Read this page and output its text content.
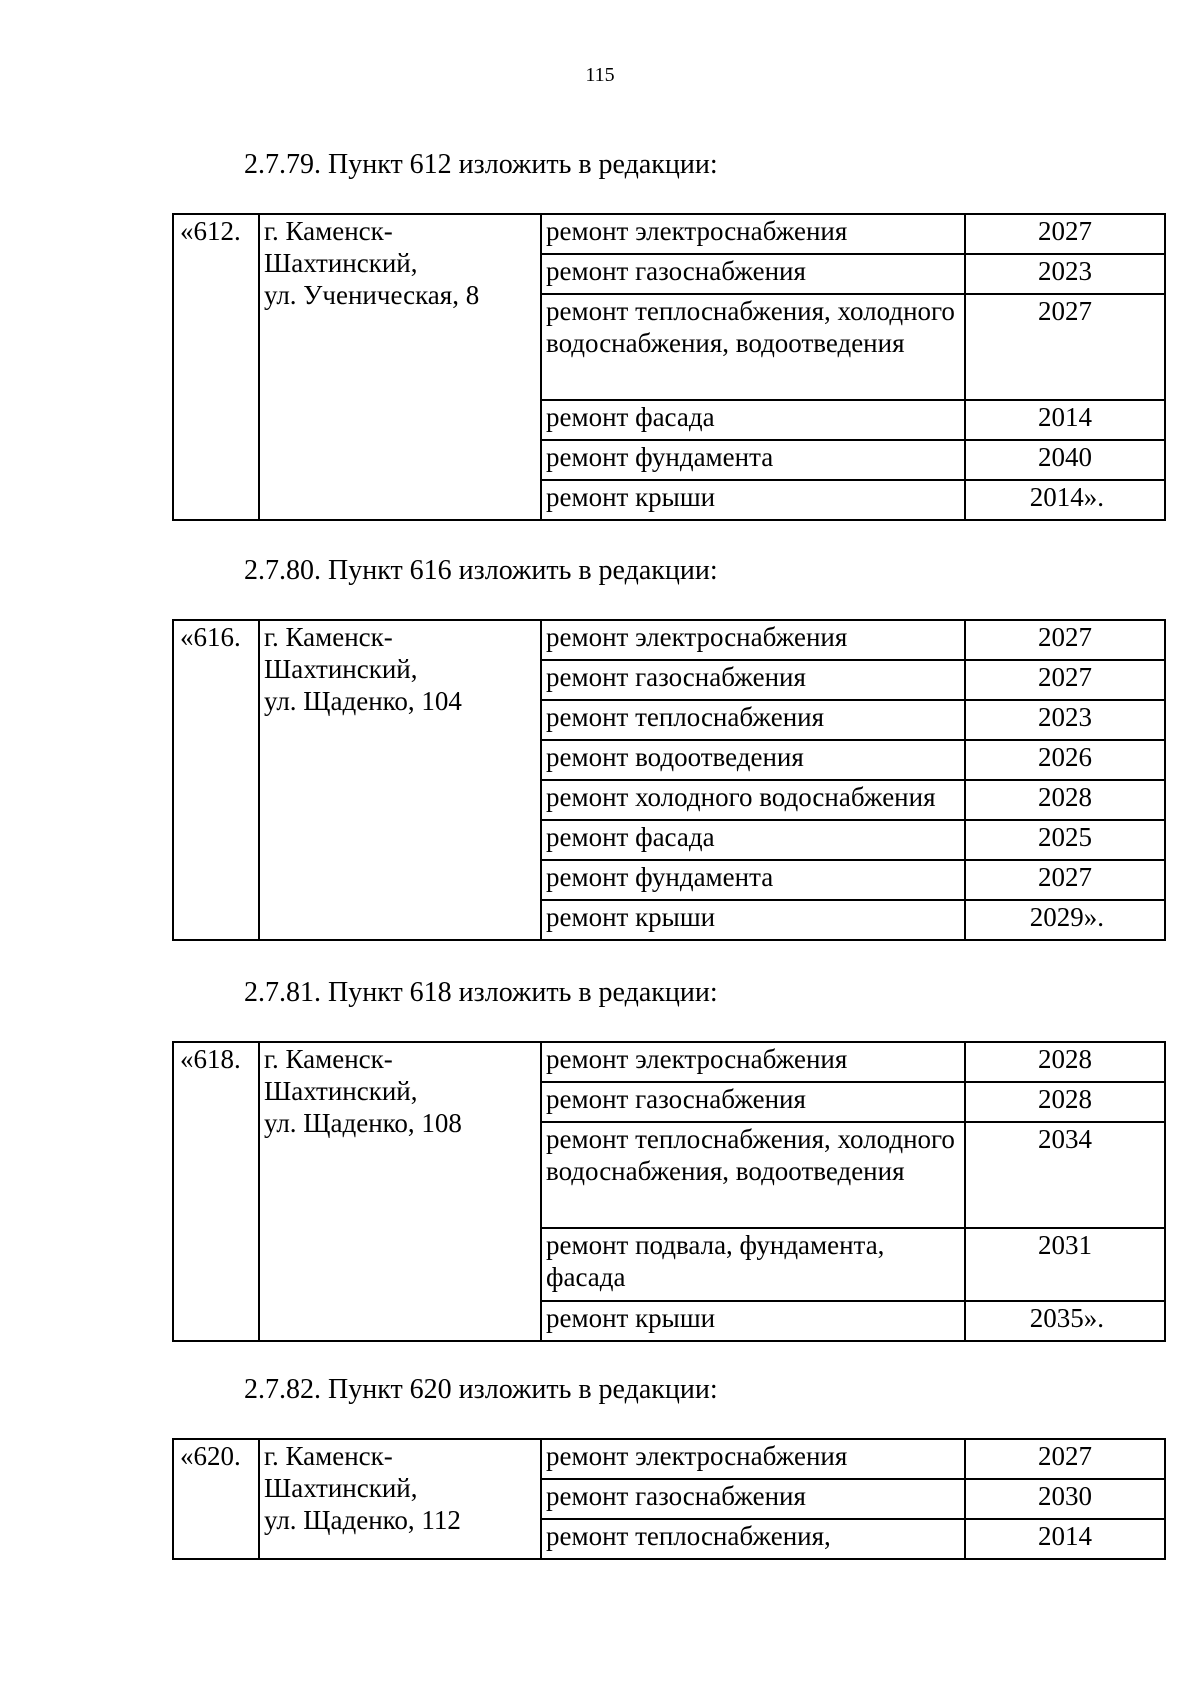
115
2.7.79. Пункт 612 изложить в редакции:
«612.	г. Каменск-
Шахтинский,
ул. Ученическая, 8	ремонт электроснабжения	2027
		ремонт газоснабжения	2023
		ремонт теплоснабжения, холодного водоснабжения, водоотведения	2027
		ремонт фасада	2014
		ремонт фундамента	2040
		ремонт крыши	2014».
2.7.80. Пункт 616 изложить в редакции:
«616.	г. Каменск-
Шахтинский,
ул. Щаденко, 104	ремонт электроснабжения	2027
		ремонт газоснабжения	2027
		ремонт теплоснабжения	2023
		ремонт водоотведения	2026
		ремонт холодного водоснабжения	2028
		ремонт фасада	2025
		ремонт фундамента	2027
		ремонт крыши	2029».
2.7.81. Пункт 618 изложить в редакции:
«618.	г. Каменск-
Шахтинский,
ул. Щаденко, 108	ремонт электроснабжения	2028
		ремонт газоснабжения	2028
		ремонт теплоснабжения, холодного водоснабжения, водоотведения	2034
		ремонт подвала, фундамента, фасада	2031
		ремонт крыши	2035».
2.7.82. Пункт 620 изложить в редакции:
«620.	г. Каменск-
Шахтинский,
ул. Щаденко, 112	ремонт электроснабжения	2027
		ремонт газоснабжения	2030
		ремонт теплоснабжения,	2014
